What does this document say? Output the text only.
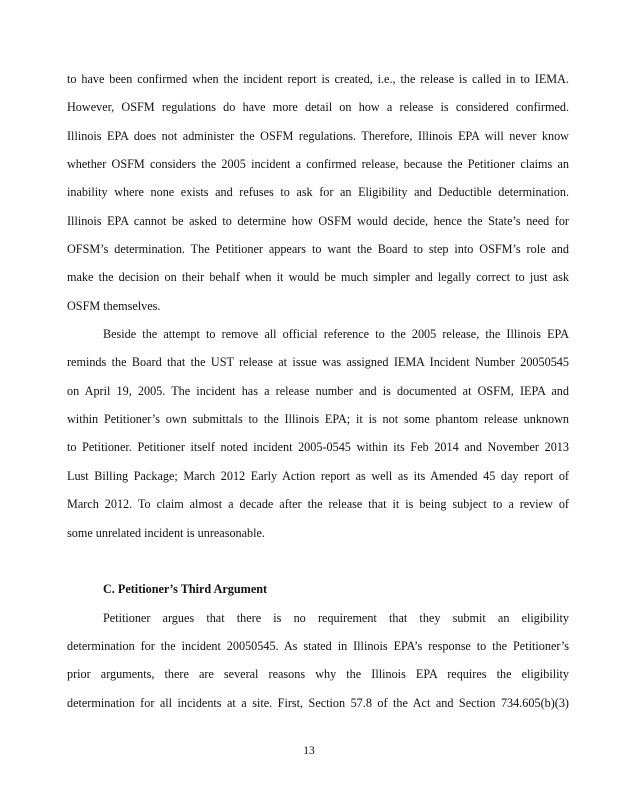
to have been confirmed when the incident report is created, i.e., the release is called in to IEMA.
However, OSFM regulations do have more detail on how a release is considered confirmed.
Illinois EPA does not administer the OSFM regulations. Therefore, Illinois EPA will never know
whether OSFM considers the 2005 incident a confirmed release, because the Petitioner claims an
inability where none exists and refuses to ask for an Eligibility and Deductible determination.
Illinois EPA cannot be asked to determine how OSFM would decide, hence the State’s need for
OFSM’s determination. The Petitioner appears to want the Board to step into OSFM’s role and
make the decision on their behalf when it would be much simpler and legally correct to just ask
OSFM themselves.
Beside the attempt to remove all official reference to the 2005 release, the Illinois EPA
reminds the Board that the UST release at issue was assigned IEMA Incident Number 20050545
on April 19, 2005. The incident has a release number and is documented at OSFM, IEPA and
within Petitioner’s own submittals to the Illinois EPA; it is not some phantom release unknown
to Petitioner. Petitioner itself noted incident 2005-0545 within its Feb 2014 and November 2013
Lust Billing Package; March 2012 Early Action report as well as its Amended 45 day report of
March 2012. To claim almost a decade after the release that it is being subject to a review of
some unrelated incident is unreasonable.
C. Petitioner’s Third Argument
Petitioner argues that there is no requirement that they submit an eligibility
determination for the incident 20050545. As stated in Illinois EPA’s response to the Petitioner’s
prior arguments, there are several reasons why the Illinois EPA requires the eligibility
determination for all incidents at a site. First, Section 57.8 of the Act and Section 734.605(b)(3)
13
